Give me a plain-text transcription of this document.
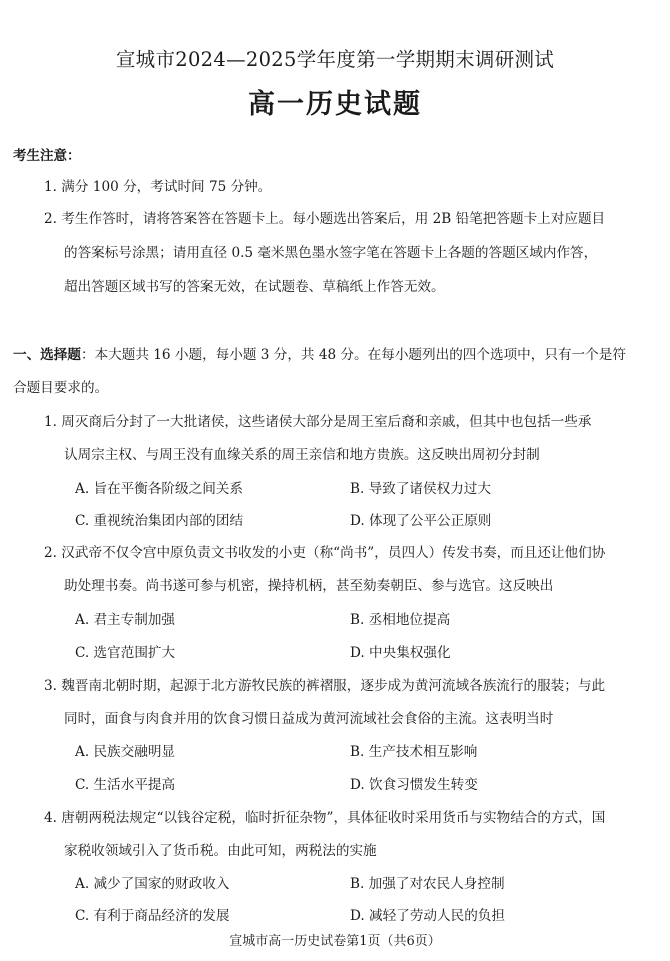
宣城市2024—2025学年度第一学期期末调研测试
高一历史试题
考生注意：
1. 满分 100 分，考试时间 75 分钟。
2. 考生作答时，请将答案答在答题卡上。每小题选出答案后，用 2B 铅笔把答题卡上对应题目
的答案标号涂黑；请用直径 0.5 毫米黑色墨水签字笔在答题卡上各题的答题区域内作答，
超出答题区域书写的答案无效，在试题卷、草稿纸上作答无效。
一、选择题：本大题共 16 小题，每小题 3 分，共 48 分。在每小题列出的四个选项中，只有一个是符
合题目要求的。
1. 周灭商后分封了一大批诸侯，这些诸侯大部分是周王室后裔和亲戚，但其中也包括一些承
认周宗主权、与周王没有血缘关系的周王亲信和地方贵族。这反映出周初分封制
A. 旨在平衡各阶级之间关系	B. 导致了诸侯权力过大
C. 重视统治集团内部的团结	D. 体现了公平公正原则
2. 汉武帝不仅令宫中原负责文书收发的小吏（称“尚书”，员四人）传发书奏，而且还让他们协
助处理书奏。尚书遂可参与机密，操持机柄，甚至劾奏朝臣、参与选官。这反映出
A. 君主专制加强	B. 丞相地位提高
C. 选官范围扩大	D. 中央集权强化
3. 魏晋南北朝时期，起源于北方游牧民族的裤褶服，逐步成为黄河流域各族流行的服装；与此
同时，面食与肉食并用的饮食习惯日益成为黄河流域社会食俗的主流。这表明当时
A. 民族交融明显	B. 生产技术相互影响
C. 生活水平提高	D. 饮食习惯发生转变
4. 唐朝两税法规定“以钱谷定税，临时折征杂物”，具体征收时采用货币与实物结合的方式，国
家税收领域引入了货币税。由此可知，两税法的实施
A. 减少了国家的财政收入	B. 加强了对农民人身控制
C. 有利于商品经济的发展	D. 减轻了劳动人民的负担
宣城市高一历史试卷第1页（共6页）
